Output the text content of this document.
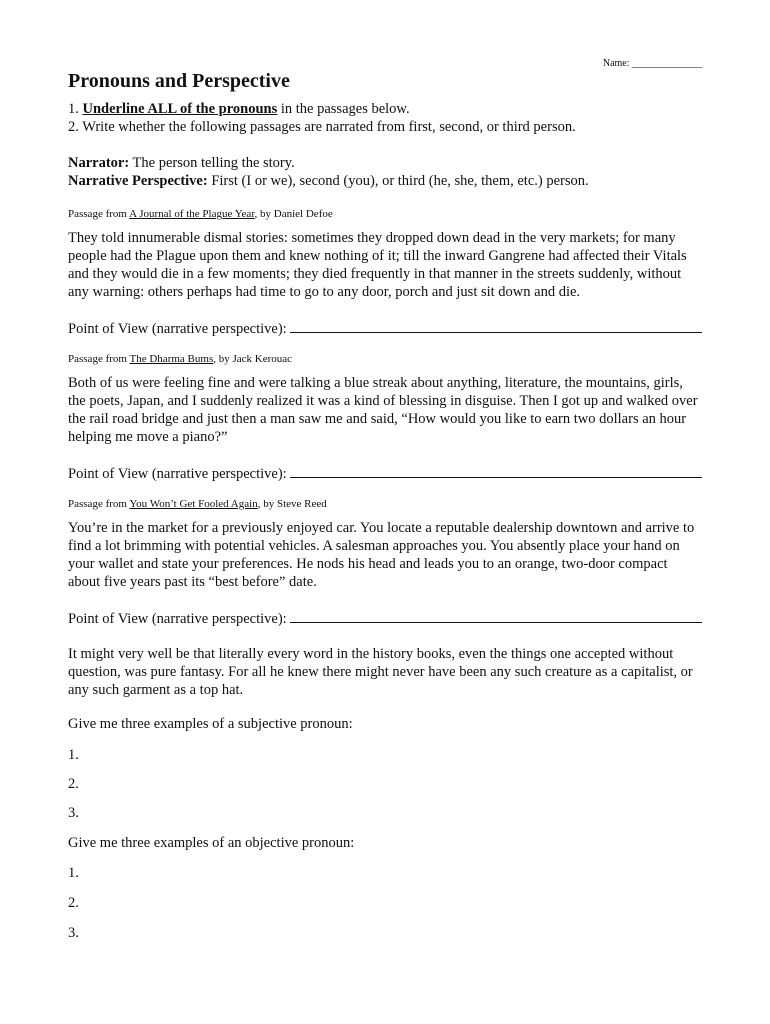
Name: ______________
Pronouns and Perspective
1. Underline ALL of the pronouns in the passages below.
2. Write whether the following passages are narrated from first, second, or third person.
Narrator: The person telling the story.
Narrative Perspective: First (I or we), second (you), or third (he, she, them, etc.) person.
Passage from A Journal of the Plague Year, by Daniel Defoe

They told innumerable dismal stories: sometimes they dropped down dead in the very markets; for many people had the Plague upon them and knew nothing of it; till the inward Gangrene had affected their Vitals and they would die in a few moments; they died frequently in that manner in the streets suddenly, without any warning: others perhaps had time to go to any door, porch and just sit down and die.

Point of View (narrative perspective):
Passage from The Dharma Bums, by Jack Kerouac

Both of us were feeling fine and were talking a blue streak about anything, literature, the mountains, girls, the poets, Japan, and I suddenly realized it was a kind of blessing in disguise. Then I got up and walked over the rail road bridge and just then a man saw me and said, “How would you like to earn two dollars an hour helping me move a piano?”

Point of View (narrative perspective):
Passage from You Won’t Get Fooled Again, by Steve Reed

You’re in the market for a previously enjoyed car. You locate a reputable dealership downtown and arrive to find a lot brimming with potential vehicles. A salesman approaches you. You absently place your hand on your wallet and state your preferences. He nods his head and leads you to an orange, two-door compact about five years past its “best before” date.

Point of View (narrative perspective):

It might very well be that literally every word in the history books, even the things one accepted without question, was pure fantasy. For all he knew there might never have been any such creature as a capitalist, or any such garment as a top hat.

Give me three examples of a subjective pronoun:
1.
2.
3.
Give me three examples of an objective pronoun:
1.
2.
3.
